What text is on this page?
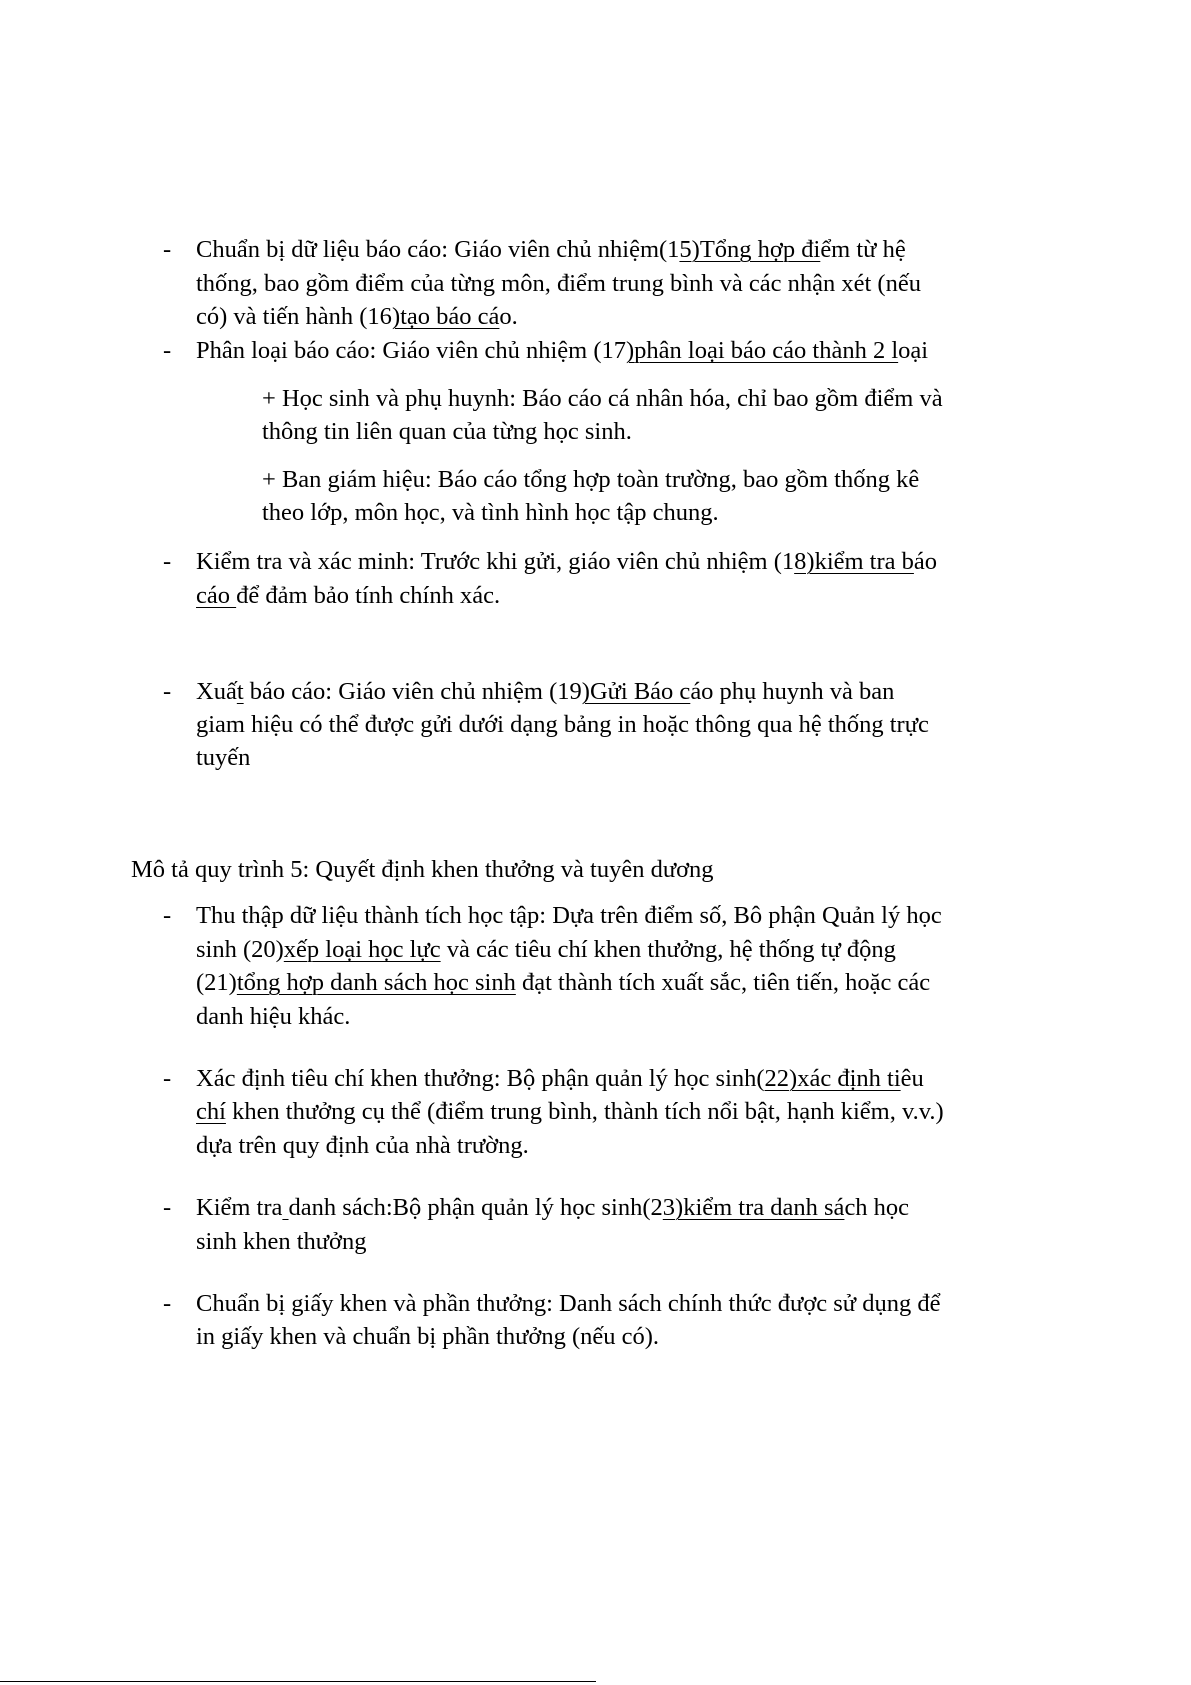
- Chuẩn bị dữ liệu báo cáo: Giáo viên chủ nhiệm(15)Tổng hợp điểm từ hệ
thống, bao gồm điểm của từng môn, điểm trung bình và các nhận xét (nếu
có) và tiến hành (16)tạo báo cáo.
- Phân loại báo cáo: Giáo viên chủ nhiệm (17)phân loại báo cáo thành 2 loại
+ Học sinh và phụ huynh: Báo cáo cá nhân hóa, chỉ bao gồm điểm và
thông tin liên quan của từng học sinh.
+ Ban giám hiệu: Báo cáo tổng hợp toàn trường, bao gồm thống kê
theo lớp, môn học, và tình hình học tập chung.
- Kiểm tra và xác minh: Trước khi gửi, giáo viên chủ nhiệm (18)kiểm tra báo
cáo để đảm bảo tính chính xác.
- Xuất báo cáo: Giáo viên chủ nhiệm (19)Gửi Báo cáo phụ huynh và ban
giam hiệu có thể được gửi dưới dạng bảng in hoặc thông qua hệ thống trực
tuyến
Mô tả quy trình 5: Quyết định khen thưởng và tuyên dương
- Thu thập dữ liệu thành tích học tập: Dựa trên điểm số, Bô phận Quản lý học
sinh (20)xếp loại học lực và các tiêu chí khen thưởng, hệ thống tự động
(21)tổng hợp danh sách học sinh đạt thành tích xuất sắc, tiên tiến, hoặc các
danh hiệu khác.
- Xác định tiêu chí khen thưởng: Bộ phận quản lý học sinh(22)xác định tiêu
chí khen thưởng cụ thể (điểm trung bình, thành tích nổi bật, hạnh kiểm, v.v.)
dựa trên quy định của nhà trường.
- Kiểm tra danh sách:Bộ phận quản lý học sinh(23)kiểm tra danh sách học
sinh khen thưởng
- Chuẩn bị giấy khen và phần thưởng: Danh sách chính thức được sử dụng để
in giấy khen và chuẩn bị phần thưởng (nếu có).
